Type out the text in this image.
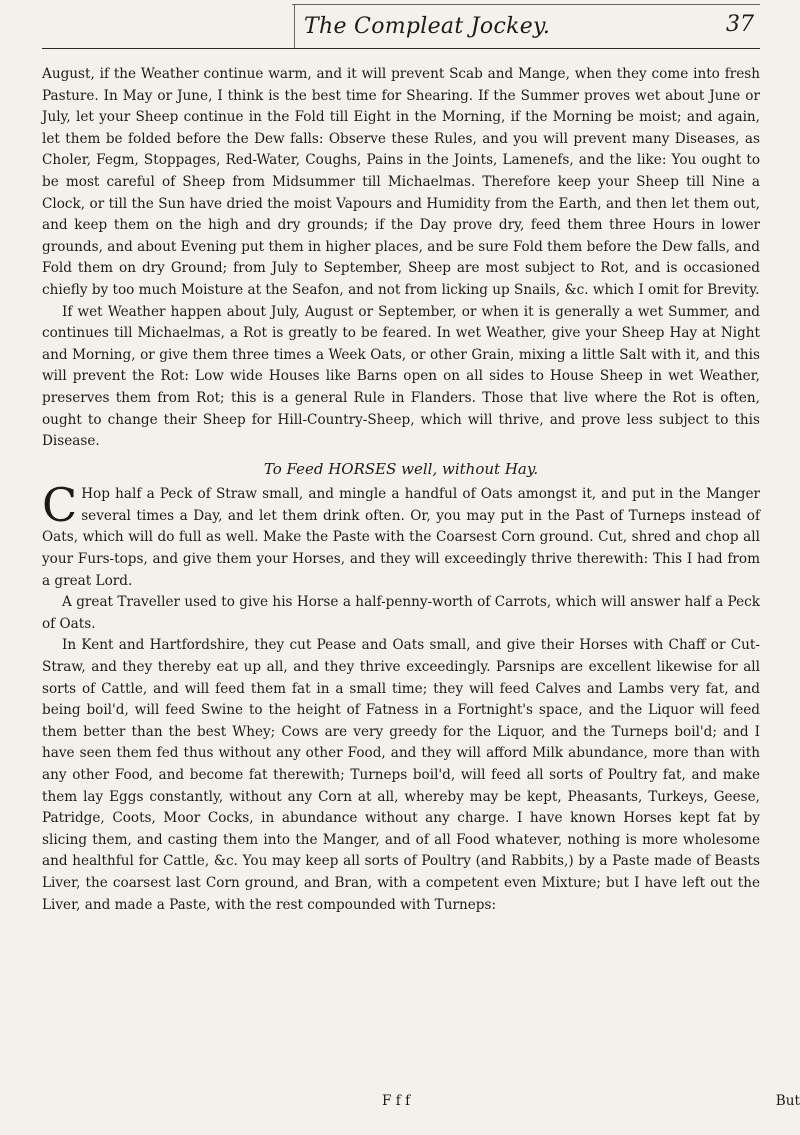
The Compleat Jockey.	37

August, if the Weather continue warm, and it will prevent Scab and Mange, when they come into fresh Pasture. In May or June, I think is the best time for Shearing. If the Summer proves wet about June or July, let your Sheep continue in the Fold till Eight in the Morning, if the Morning be moist; and again, let them be folded before the Dew falls: Observe these Rules, and you will prevent many Diseases, as Choler, Fegm, Stoppages, Red-Water, Coughs, Pains in the Joints, Lamenefs, and the like: You ought to be most careful of Sheep from Midsummer till Michaelmas. Therefore keep your Sheep till Nine a Clock, or till the Sun have dried the moist Vapours and Humidity from the Earth, and then let them out, and keep them on the high and dry grounds; if the Day prove dry, feed them three Hours in lower grounds, and about Evening put them in higher places, and be sure Fold them before the Dew falls, and Fold them on dry Ground; from July to September, Sheep are most subject to Rot, and is occasioned chiefly by too much Moisture at the Seafon, and not from licking up Snails, &c. which I omit for Brevity.

If wet Weather happen about July, August or September, or when it is generally a wet Summer, and continues till Michaelmas, a Rot is greatly to be feared. In wet Weather, give your Sheep Hay at Night and Morning, or give them three times a Week Oats, or other Grain, mixing a little Salt with it, and this will prevent the Rot: Low wide Houses like Barns open on all sides to House Sheep in wet Weather, preserves them from Rot; this is a general Rule in Flanders. Those that live where the Rot is often, ought to change their Sheep for Hill-Country-Sheep, which will thrive, and prove less subject to this Disease.

To Feed HORSES well, without Hay.

C Hop half a Peck of Straw small, and mingle a handful of Oats amongst it, and put in the Manger several times a Day, and let them drink often. Or, you may put in the Past of Turneps instead of Oats, which will do full as well. Make the Paste with the Coarsest Corn ground. Cut, shred and chop all your Furs-tops, and give them your Horses, and they will exceedingly thrive therewith: This I had from a great Lord.

A great Traveller used to give his Horse a half-penny-worth of Carrots, which will answer half a Peck of Oats.

In Kent and Hartfordshire, they cut Pease and Oats small, and give their Horses with Chaff or Cut-Straw, and they thereby eat up all, and they thrive exceedingly. Parsnips are excellent likewise for all sorts of Cattle, and will feed them fat in a small time; they will feed Calves and Lambs very fat, and being boil'd, will feed Swine to the height of Fatness in a Fortnight's space, and the Liquor will feed them better than the best Whey; Cows are very greedy for the Liquor, and the Turneps boil'd; and I have seen them fed thus without any other Food, and they will afford Milk abundance, more than with any other Food, and become fat therewith; Turneps boil'd, will feed all sorts of Poultry fat, and make them lay Eggs constantly, without any Corn at all, whereby may be kept, Pheasants, Turkeys, Geese, Patridge, Coots, Moor Cocks, in abundance without any charge. I have known Horses kept fat by slicing them, and casting them into the Manger, and of all Food whatever, nothing is more wholesome and healthful for Cattle, &c. You may keep all sorts of Poultry (and Rabbits,) by a Paste made of Beasts Liver, the coarsest last Corn ground, and Bran, with a competent even Mixture; but I have left out the Liver, and made a Paste, with the rest compounded with Turneps:

F f f	But
